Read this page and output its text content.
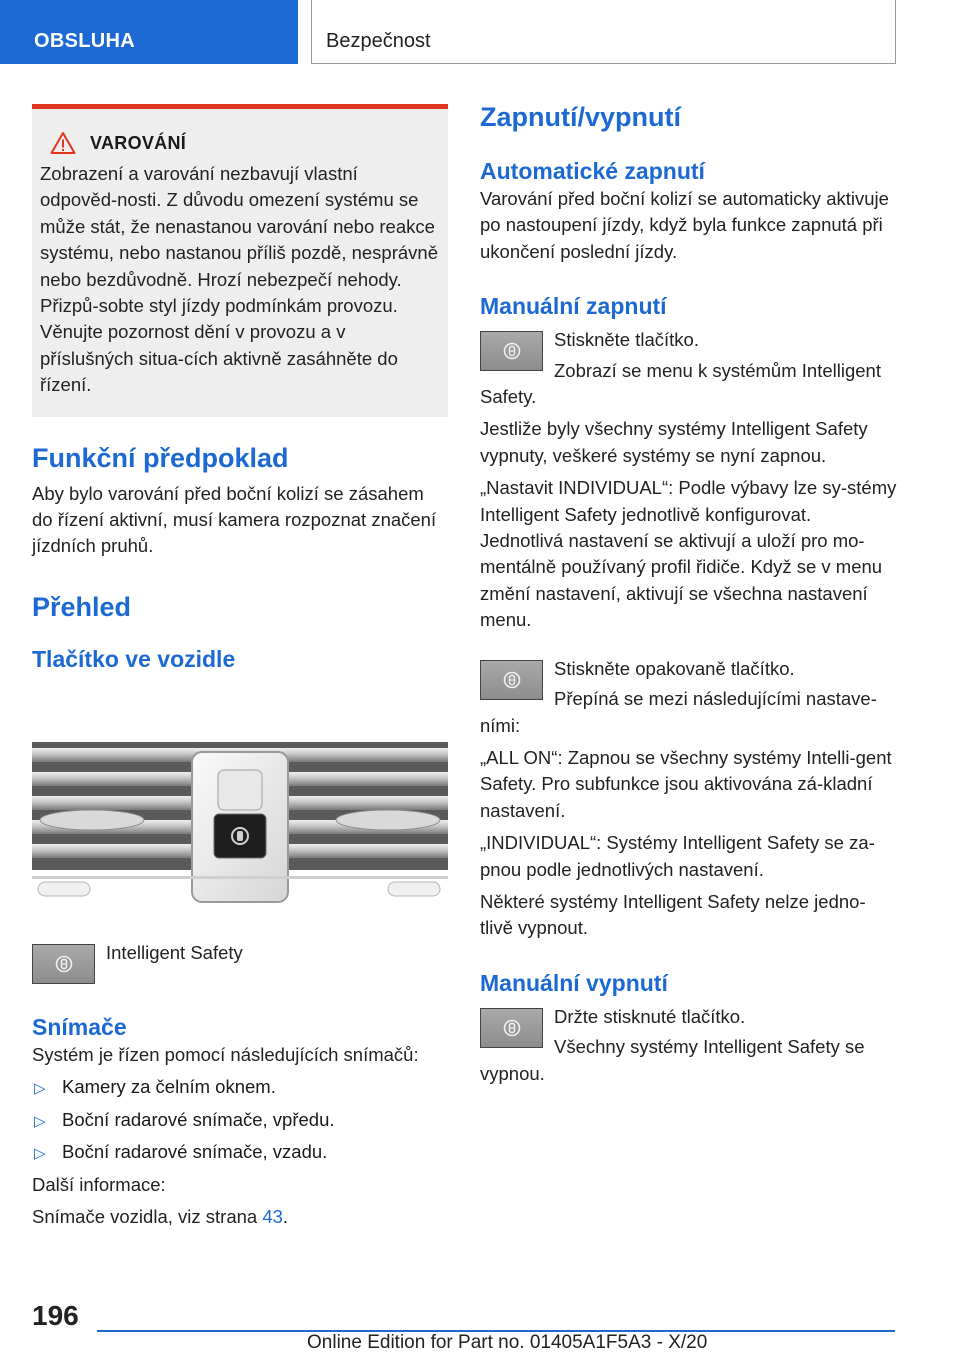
OBSLUHA	Bezpečnost
VAROVÁNÍ
Zobrazení a varování nezbavují vlastní odpověd-nosti. Z důvodu omezení systému se může stát, že nenastanou varování nebo reakce systému, nebo nastanou příliš pozdě, nesprávně nebo bezdůvodně. Hrozí nebezpečí nehody. Přizpů-sobte styl jízdy podmínkám provozu. Věnujte pozornost dění v provozu a v příslušných situa-cích aktivně zasáhněte do řízení.
Funkční předpoklad

Aby bylo varování před boční kolizí se zásahem do řízení aktivní, musí kamera rozpoznat značení jízdních pruhů.

Přehled
Tlačítko ve vozidle

Intelligent Safety

Snímače

Systém je řízen pomocí následujících snímačů:

▷ Kamery za čelním oknem.
▷ Boční radarové snímače, vpředu.
▷ Boční radarové snímače, vzadu.

Další informace:

Snímače vozidla, viz strana 43.

Zapnutí/vypnutí
Automatické zapnutí

Varování před boční kolizí se automaticky aktivuje po nastoupení jízdy, když byla funkce zapnutá při ukončení poslední jízdy.

Manuální zapnutí

Stiskněte tlačítko.

Zobrazí se menu k systémům Intelligent Safety.

Jestliže byly všechny systémy Intelligent Safety vypnuty, veškeré systémy se nyní zapnou.

„Nastavit INDIVIDUAL“: Podle výbavy lze sy-stémy Intelligent Safety jednotlivě konfigurovat. Jednotlivá nastavení se aktivují a uloží pro mo-mentálně používaný profil řidiče. Když se v menu změní nastavení, aktivují se všechna nastavení menu.

Stiskněte opakovaně tlačítko.

Přepíná se mezi následujícími nastave-ními:

„ALL ON“: Zapnou se všechny systémy Intelli-gent Safety. Pro subfunkce jsou aktivována zá-kladní nastavení.

„INDIVIDUAL“: Systémy Intelligent Safety se za-pnou podle jednotlivých nastavení.

Některé systémy Intelligent Safety nelze jedno-tlivě vypnout.

Manuální vypnutí

Držte stisknuté tlačítko.

Všechny systémy Intelligent Safety se vypnou.

196
Online Edition for Part no. 01405A1F5A3 - X/20
